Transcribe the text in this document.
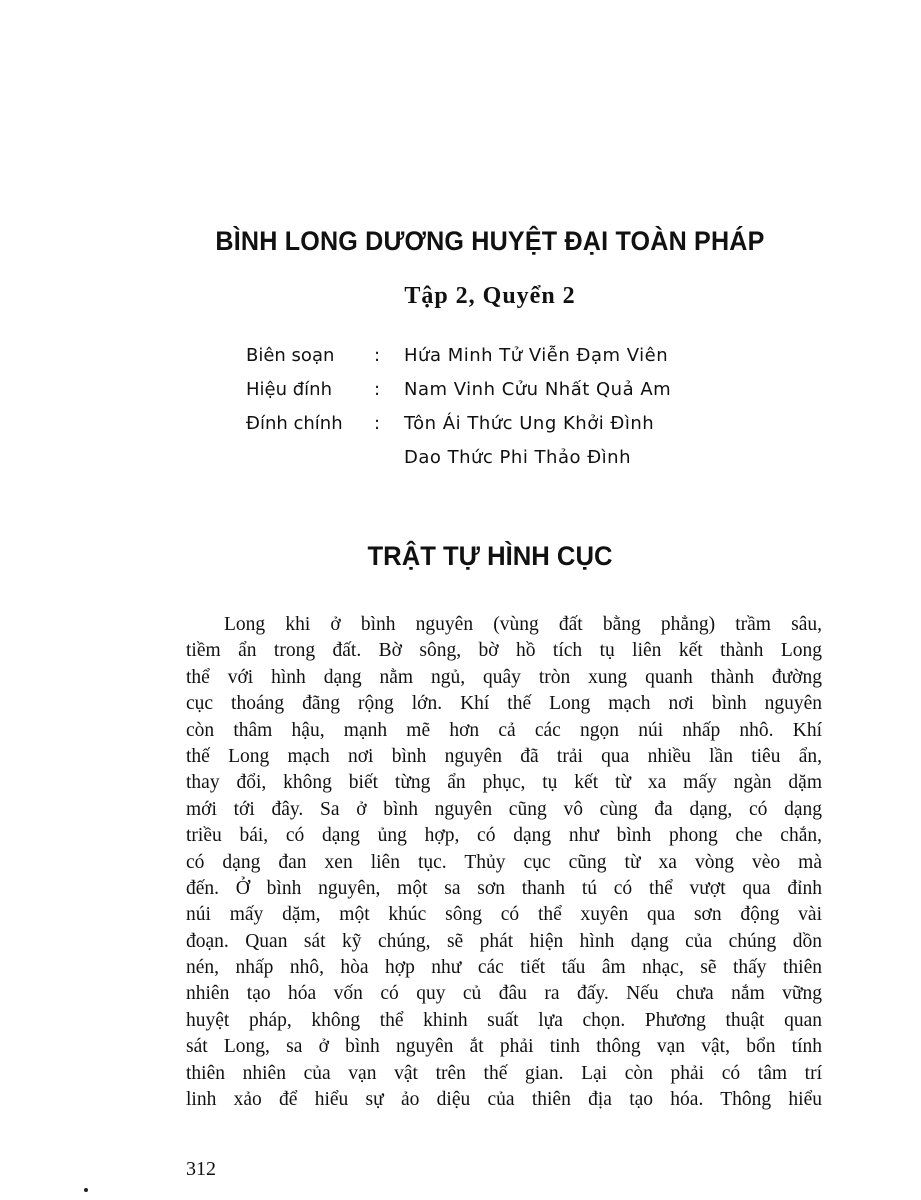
BÌNH LONG DƯƠNG HUYỆT ĐẠI TOÀN PHÁP
Tập 2, Quyển 2
Biên soạn	:	Hứa Minh Tử Viễn Đạm Viên
Hiệu đính	:	Nam Vinh Cửu Nhất Quả Am
Đính chính	:	Tôn Ái Thức Ung Khởi Đình
Dao Thức Phi Thảo Đình
TRẬT TỰ HÌNH CỤC
Long khi ở bình nguyên (vùng đất bằng phẳng) trầm sâu,
tiềm ẩn trong đất. Bờ sông, bờ hồ tích tụ liên kết thành Long
thể với hình dạng nằm ngủ, quây tròn xung quanh thành đường
cục thoáng đãng rộng lớn. Khí thế Long mạch nơi bình nguyên
còn thâm hậu, mạnh mẽ hơn cả các ngọn núi nhấp nhô. Khí
thế Long mạch nơi bình nguyên đã trải qua nhiều lần tiêu ẩn,
thay đổi, không biết từng ẩn phục, tụ kết từ xa mấy ngàn dặm
mới tới đây. Sa ở bình nguyên cũng vô cùng đa dạng, có dạng
triều bái, có dạng ủng hợp, có dạng như bình phong che chắn,
có dạng đan xen liên tục. Thủy cục cũng từ xa vòng vèo mà
đến. Ở bình nguyên, một sa sơn thanh tú có thể vượt qua đỉnh
núi mấy dặm, một khúc sông có thể xuyên qua sơn động vài
đoạn. Quan sát kỹ chúng, sẽ phát hiện hình dạng của chúng dồn
nén, nhấp nhô, hòa hợp như các tiết tấu âm nhạc, sẽ thấy thiên
nhiên tạo hóa vốn có quy củ đâu ra đấy. Nếu chưa nắm vững
huyệt pháp, không thể khinh suất lựa chọn. Phương thuật quan
sát Long, sa ở bình nguyên ắt phải tinh thông vạn vật, bổn tính
thiên nhiên của vạn vật trên thế gian. Lại còn phải có tâm trí
linh xảo để hiểu sự ảo diệu của thiên địa tạo hóa. Thông hiểu
312
